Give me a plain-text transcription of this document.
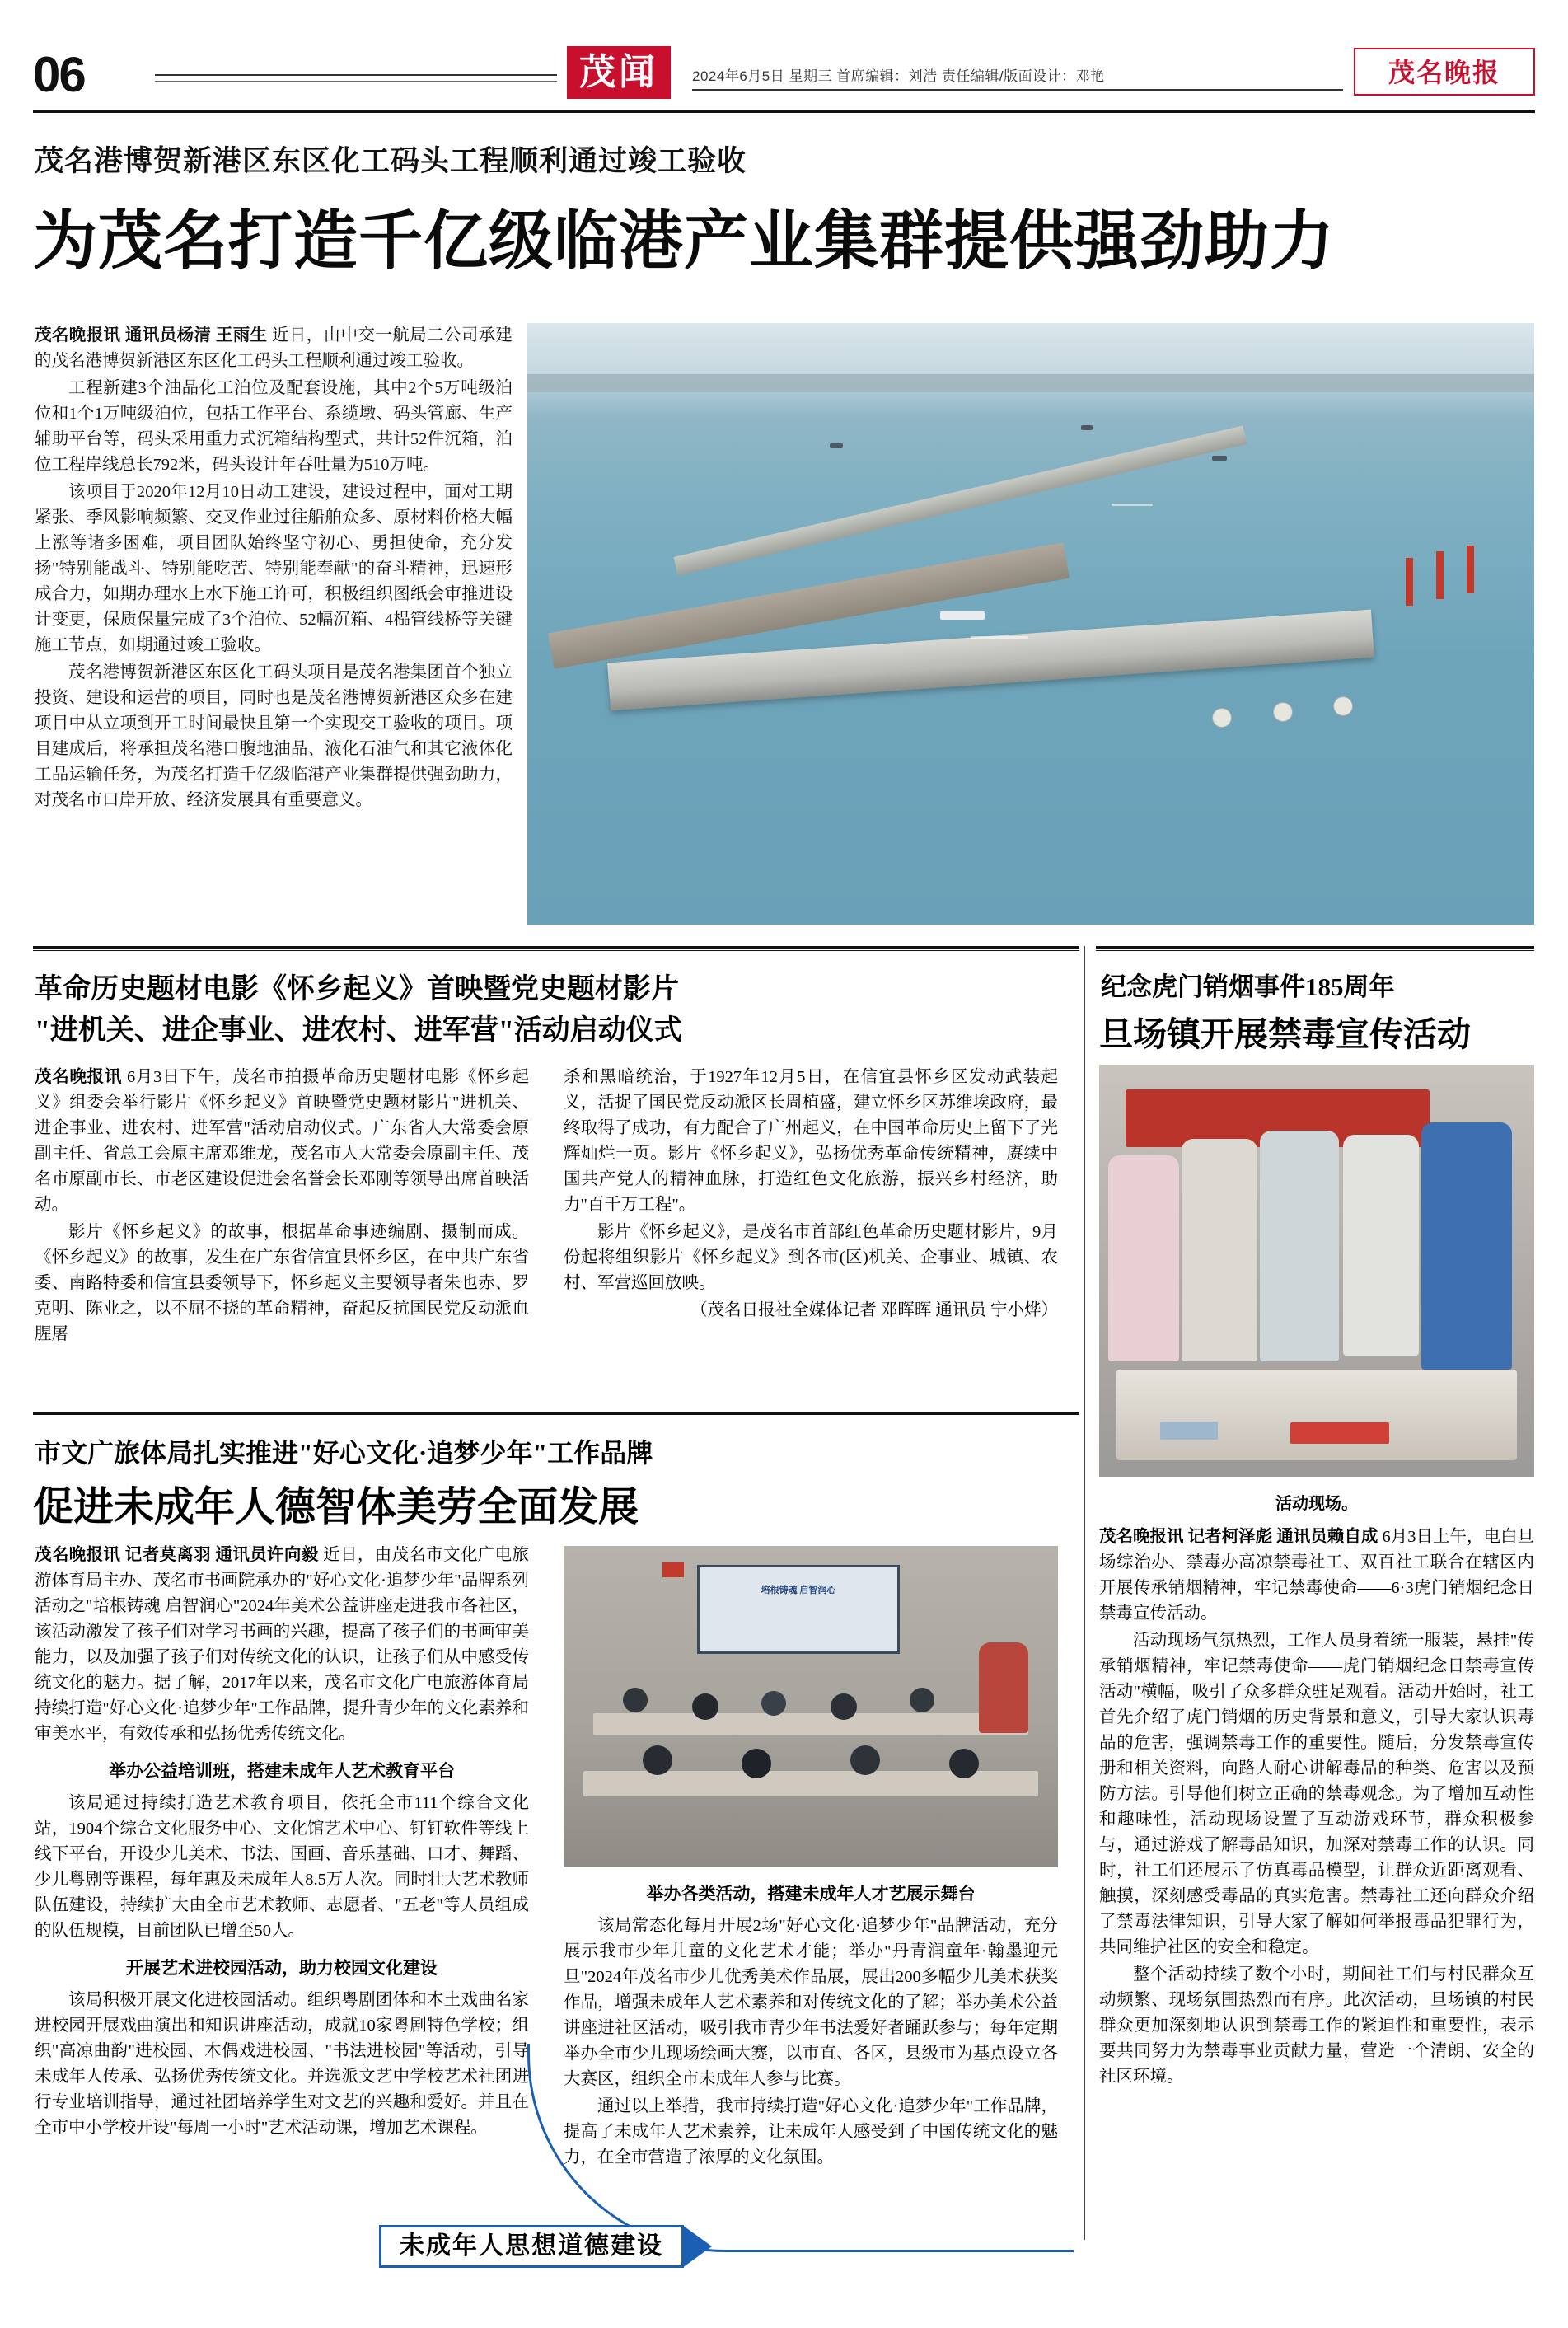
06	茂闻	2024年6月5日 星期三 首席编辑：刘浩 责任编辑/版面设计：邓艳	茂名晚报
茂名港博贺新港区东区化工码头工程顺利通过竣工验收
为茂名打造千亿级临港产业集群提供强劲助力

茂名晚报讯 通讯员杨清 王雨生 近日，由中交一航局二公司承建的茂名港博贺新港区东区化工码头工程顺利通过竣工验收。

工程新建3个油品化工泊位及配套设施，其中2个5万吨级泊位和1个1万吨级泊位，包括工作平台、系缆墩、码头管廊、生产辅助平台等，码头采用重力式沉箱结构型式，共计52件沉箱，泊位工程岸线总长792米，码头设计年吞吐量为510万吨。

该项目于2020年12月10日动工建设，建设过程中，面对工期紧张、季风影响频繁、交叉作业过往船舶众多、原材料价格大幅上涨等诸多困难，项目团队始终坚守初心、勇担使命，充分发扬"特别能战斗、特别能吃苦、特别能奉献"的奋斗精神，迅速形成合力，如期办理水上水下施工许可，积极组织图纸会审推进设计变更，保质保量完成了3个泊位、52幅沉箱、4榀管线桥等关键施工节点，如期通过竣工验收。

茂名港博贺新港区东区化工码头项目是茂名港集团首个独立投资、建设和运营的项目，同时也是茂名港博贺新港区众多在建项目中从立项到开工时间最快且第一个实现交工验收的项目。项目建成后，将承担茂名港口腹地油品、液化石油气和其它液体化工品运输任务，为茂名打造千亿级临港产业集群提供强劲助力，对茂名市口岸开放、经济发展具有重要意义。

革命历史题材电影《怀乡起义》首映暨党史题材影片
"进机关、进企事业、进农村、进军营"活动启动仪式

茂名晚报讯 6月3日下午，茂名市拍摄革命历史题材电影《怀乡起义》组委会举行影片《怀乡起义》首映暨党史题材影片"进机关、进企事业、进农村、进军营"活动启动仪式。广东省人大常委会原副主任、省总工会原主席邓维龙，茂名市人大常委会原副主任、茂名市原副市长、市老区建设促进会名誉会长邓刚等领导出席首映活动。

影片《怀乡起义》的故事，根据革命事迹编剧、摄制而成。《怀乡起义》的故事，发生在广东省信宜县怀乡区，在中共广东省委、南路特委和信宜县委领导下，怀乡起义主要领导者朱也赤、罗克明、陈业之，以不屈不挠的革命精神，奋起反抗国民党反动派血腥屠

杀和黑暗统治，于1927年12月5日，在信宜县怀乡区发动武装起义，活捉了国民党反动派区长周植盛，建立怀乡区苏维埃政府，最终取得了成功，有力配合了广州起义，在中国革命历史上留下了光辉灿烂一页。影片《怀乡起义》，弘扬优秀革命传统精神，赓续中国共产党人的精神血脉，打造红色文化旅游，振兴乡村经济，助力"百千万工程"。

影片《怀乡起义》，是茂名市首部红色革命历史题材影片，9月份起将组织影片《怀乡起义》到各市(区)机关、企事业、城镇、农村、军营巡回放映。

（茂名日报社全媒体记者 邓晖晖 通讯员 宁小烨）

市文广旅体局扎实推进"好心文化·追梦少年"工作品牌
促进未成年人德智体美劳全面发展

茂名晚报讯 记者莫离羽 通讯员许向毅 近日，由茂名市文化广电旅游体育局主办、茂名市书画院承办的"好心文化·追梦少年"品牌系列活动之"培根铸魂 启智润心"2024年美术公益讲座走进我市各社区，该活动激发了孩子们对学习书画的兴趣，提高了孩子们的书画审美能力，以及加强了孩子们对传统文化的认识，让孩子们从中感受传统文化的魅力。据了解，2017年以来，茂名市文化广电旅游体育局持续打造"好心文化·追梦少年"工作品牌，提升青少年的文化素养和审美水平，有效传承和弘扬优秀传统文化。

举办公益培训班，搭建未成年人艺术教育平台

该局通过持续打造艺术教育项目，依托全市111个综合文化站，1904个综合文化服务中心、文化馆艺术中心、钉钉软件等线上线下平台，开设少儿美术、书法、国画、音乐基础、口才、舞蹈、少儿粤剧等课程，每年惠及未成年人8.5万人次。同时壮大艺术教师队伍建设，持续扩大由全市艺术教师、志愿者、"五老"等人员组成的队伍规模，目前团队已增至50人。

开展艺术进校园活动，助力校园文化建设

该局积极开展文化进校园活动。组织粤剧团体和本土戏曲名家进校园开展戏曲演出和知识讲座活动，成就10家粤剧特色学校；组织"高凉曲韵"进校园、木偶戏进校园、"书法进校园"等活动，引导未成年人传承、弘扬优秀传统文化。并选派文艺中学校艺术社团进行专业培训指导，通过社团培养学生对文艺的兴趣和爱好。并且在全市中小学校开设"每周一小时"艺术活动课，增加艺术课程。

培根铸魂 启智润心
举办各类活动，搭建未成年人才艺展示舞台

该局常态化每月开展2场"好心文化·追梦少年"品牌活动，充分展示我市少年儿童的文化艺术才能；举办"丹青润童年·翰墨迎元旦"2024年茂名市少儿优秀美术作品展，展出200多幅少儿美术获奖作品，增强未成年人艺术素养和对传统文化的了解；举办美术公益讲座进社区活动，吸引我市青少年书法爱好者踊跃参与；每年定期举办全市少儿现场绘画大赛，以市直、各区，县级市为基点设立各大赛区，组织全市未成年人参与比赛。

通过以上举措，我市持续打造"好心文化·追梦少年"工作品牌，提高了未成年人艺术素养，让未成年人感受到了中国传统文化的魅力，在全市营造了浓厚的文化氛围。

未成年人思想道德建设
纪念虎门销烟事件185周年
旦场镇开展禁毒宣传活动
活动现场。

茂名晚报讯 记者柯泽彪 通讯员赖自成 6月3日上午，电白旦场综治办、禁毒办高凉禁毒社工、双百社工联合在辖区内开展传承销烟精神，牢记禁毒使命——6·3虎门销烟纪念日禁毒宣传活动。

活动现场气氛热烈，工作人员身着统一服装，悬挂"传承销烟精神，牢记禁毒使命——虎门销烟纪念日禁毒宣传活动"横幅，吸引了众多群众驻足观看。活动开始时，社工首先介绍了虎门销烟的历史背景和意义，引导大家认识毒品的危害，强调禁毒工作的重要性。随后，分发禁毒宣传册和相关资料，向路人耐心讲解毒品的种类、危害以及预防方法。引导他们树立正确的禁毒观念。为了增加互动性和趣味性，活动现场设置了互动游戏环节，群众积极参与，通过游戏了解毒品知识，加深对禁毒工作的认识。同时，社工们还展示了仿真毒品模型，让群众近距离观看、触摸，深刻感受毒品的真实危害。禁毒社工还向群众介绍了禁毒法律知识，引导大家了解如何举报毒品犯罪行为，共同维护社区的安全和稳定。

整个活动持续了数个小时，期间社工们与村民群众互动频繁、现场氛围热烈而有序。此次活动，旦场镇的村民群众更加深刻地认识到禁毒工作的紧迫性和重要性，表示要共同努力为禁毒事业贡献力量，营造一个清朗、安全的社区环境。
